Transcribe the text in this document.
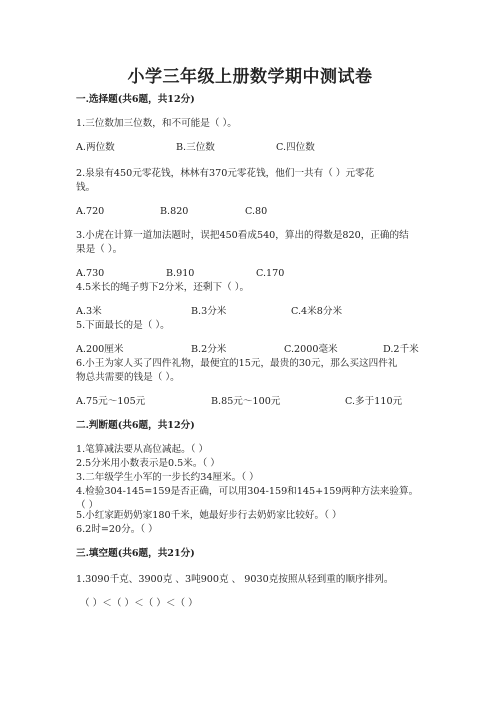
小学三年级上册数学期中测试卷
一.选择题(共6题，共12分)
1.三位数加三位数，和不可能是（ ）。
A.两位数	B.三位数	C.四位数
2.泉泉有450元零花钱，林林有370元零花钱，他们一共有（ ）元零花
钱。
A.720	B.820	C.80
3.小虎在计算一道加法题时，误把450看成540，算出的得数是820，正确的结
果是（ ）。
A.730	B.910	C.170
4.5米长的绳子剪下2分米，还剩下（ ）。
A.3米	B.3分米	C.4米8分米
5.下面最长的是（ ）。
A.200厘米	B.2分米	C.2000毫米	D.2千米
6.小王为家人买了四件礼物，最便宜的15元，最贵的30元，那么买这四件礼
物总共需要的钱是（ ）。
A.75元～105元	B.85元～100元	C.多于110元
二.判断题(共6题，共12分)
1.笔算减法要从高位减起。（ ）
2.5分米用小数表示是0.5米。（ ）
3.二年级学生小军的一步长约34厘米。（ ）
4.检验304-145=159是否正确，可以用304-159和145+159两种方法来验算。
（ ）
5.小红家距奶奶家180千米，她最好步行去奶奶家比较好。（ ）
6.2时=20分。（ ）
三.填空题(共6题，共21分)
1.3090千克、3900克 、3吨900克 、 9030克按照从轻到重的顺序排列。
（ ）＜（ ）＜（ ）＜（ ）
